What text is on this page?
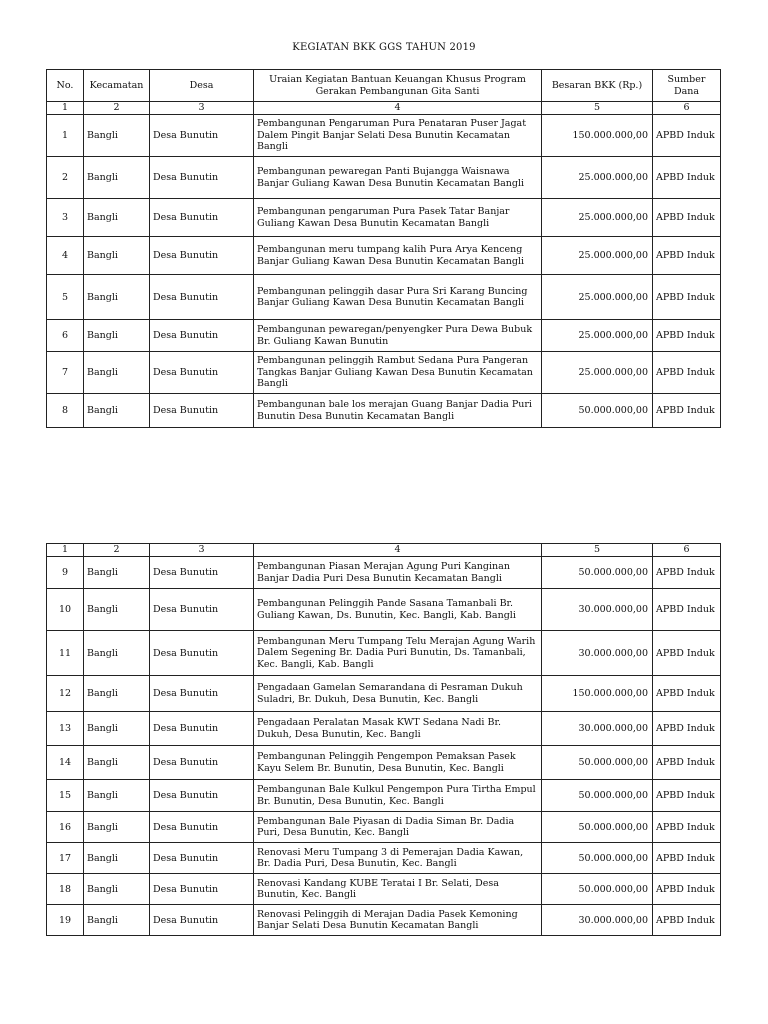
KEGIATAN BKK GGS TAHUN 2019
No.	Kecamatan	Desa	Uraian Kegiatan Bantuan Keuangan Khusus Program Gerakan Pembangunan Gita Santi	Besaran BKK (Rp.)	Sumber Dana
1	2	3	4	5	6
1	Bangli	Desa Bunutin	Pembangunan Pengaruman Pura Penataran Puser Jagat Dalem Pingit Banjar Selati Desa Bunutin Kecamatan Bangli	150.000.000,00	APBD Induk
2	Bangli	Desa Bunutin	Pembangunan pewaregan Panti Bujangga Waisnawa Banjar Guliang Kawan Desa Bunutin Kecamatan Bangli	25.000.000,00	APBD Induk
3	Bangli	Desa Bunutin	Pembangunan pengaruman Pura Pasek Tatar Banjar Guliang Kawan Desa Bunutin Kecamatan Bangli	25.000.000,00	APBD Induk
4	Bangli	Desa Bunutin	Pembangunan meru tumpang kalih Pura Arya Kenceng Banjar Guliang Kawan Desa Bunutin Kecamatan Bangli	25.000.000,00	APBD Induk
5	Bangli	Desa Bunutin	Pembangunan pelinggih dasar Pura Sri Karang Buncing Banjar Guliang Kawan Desa Bunutin Kecamatan Bangli	25.000.000,00	APBD Induk
6	Bangli	Desa Bunutin	Pembangunan pewaregan/penyengker Pura Dewa Bubuk Br. Guliang Kawan Bunutin	25.000.000,00	APBD Induk
7	Bangli	Desa Bunutin	Pembangunan pelinggih Rambut Sedana Pura Pangeran Tangkas Banjar Guliang Kawan Desa Bunutin Kecamatan Bangli	25.000.000,00	APBD Induk
8	Bangli	Desa Bunutin	Pembangunan bale los merajan Guang Banjar Dadia Puri Bunutin Desa Bunutin Kecamatan Bangli	50.000.000,00	APBD Induk
1	2	3	4	5	6
9	Bangli	Desa Bunutin	Pembangunan Piasan Merajan Agung Puri Kanginan Banjar Dadia Puri Desa Bunutin Kecamatan Bangli	50.000.000,00	APBD Induk
10	Bangli	Desa Bunutin	Pembangunan Pelinggih Pande Sasana Tamanbali Br. Guliang Kawan, Ds. Bunutin, Kec. Bangli, Kab. Bangli	30.000.000,00	APBD Induk
11	Bangli	Desa Bunutin	Pembangunan Meru Tumpang Telu Merajan Agung Warih Dalem Segening Br. Dadia Puri Bunutin, Ds. Tamanbali, Kec. Bangli, Kab. Bangli	30.000.000,00	APBD Induk
12	Bangli	Desa Bunutin	Pengadaan Gamelan Semarandana di Pesraman Dukuh Suladri, Br. Dukuh, Desa Bunutin, Kec. Bangli	150.000.000,00	APBD Induk
13	Bangli	Desa Bunutin	Pengadaan Peralatan Masak KWT Sedana Nadi Br. Dukuh, Desa Bunutin, Kec. Bangli	30.000.000,00	APBD Induk
14	Bangli	Desa Bunutin	Pembangunan Pelinggih Pengempon Pemaksan Pasek Kayu Selem Br. Bunutin, Desa Bunutin, Kec. Bangli	50.000.000,00	APBD Induk
15	Bangli	Desa Bunutin	Pembangunan Bale Kulkul Pengempon Pura Tirtha Empul Br. Bunutin, Desa Bunutin, Kec. Bangli	50.000.000,00	APBD Induk
16	Bangli	Desa Bunutin	Pembangunan Bale Piyasan di Dadia Siman Br. Dadia Puri, Desa Bunutin, Kec. Bangli	50.000.000,00	APBD Induk
17	Bangli	Desa Bunutin	Renovasi Meru Tumpang 3 di Pemerajan Dadia Kawan, Br. Dadia Puri, Desa Bunutin, Kec. Bangli	50.000.000,00	APBD Induk
18	Bangli	Desa Bunutin	Renovasi Kandang KUBE Teratai I Br. Selati, Desa Bunutin, Kec. Bangli	50.000.000,00	APBD Induk
19	Bangli	Desa Bunutin	Renovasi Pelinggih di Merajan Dadia Pasek Kemoning Banjar Selati Desa Bunutin Kecamatan Bangli	30.000.000,00	APBD Induk
